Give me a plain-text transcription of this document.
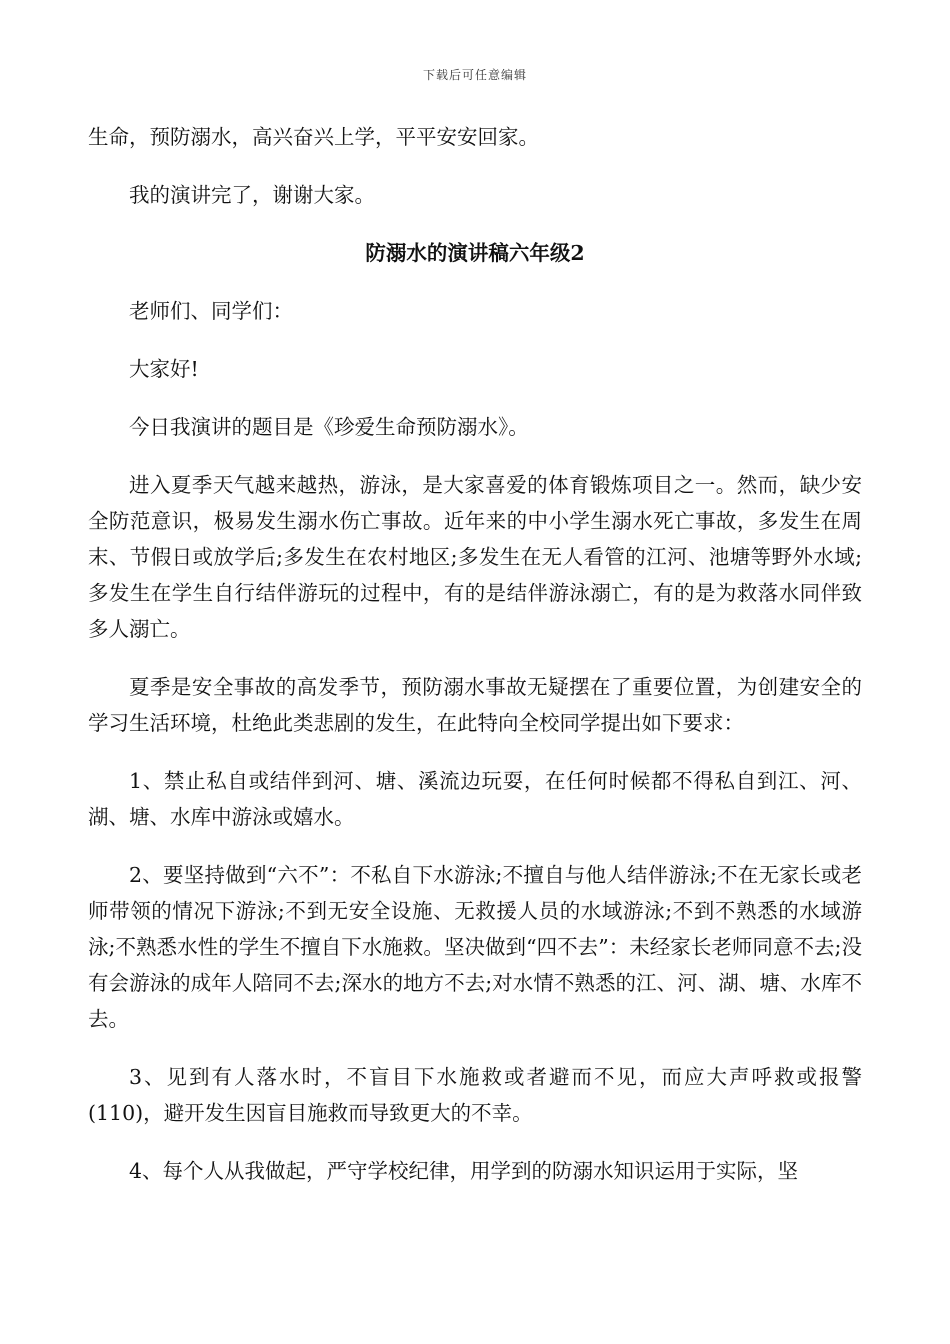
下载后可任意编辑

生命，预防溺水，高兴奋兴上学，平平安安回家。

我的演讲完了，谢谢大家。

防溺水的演讲稿六年级2

老师们、同学们：

大家好!

今日我演讲的题目是《珍爱生命预防溺水》。

进入夏季天气越来越热，游泳，是大家喜爱的体育锻炼项目之一。然而，缺少安全防范意识，极易发生溺水伤亡事故。近年来的中小学生溺水死亡事故，多发生在周末、节假日或放学后;多发生在农村地区;多发生在无人看管的江河、池塘等野外水域;多发生在学生自行结伴游玩的过程中，有的是结伴游泳溺亡，有的是为救落水同伴致多人溺亡。

夏季是安全事故的高发季节，预防溺水事故无疑摆在了重要位置，为创建安全的学习生活环境，杜绝此类悲剧的发生，在此特向全校同学提出如下要求：

1、禁止私自或结伴到河、塘、溪流边玩耍，在任何时候都不得私自到江、河、湖、塘、水库中游泳或嬉水。

2、要坚持做到“六不”：不私自下水游泳;不擅自与他人结伴游泳;不在无家长或老师带领的情况下游泳;不到无安全设施、无救援人员的水域游泳;不到不熟悉的水域游泳;不熟悉水性的学生不擅自下水施救。坚决做到“四不去”：未经家长老师同意不去;没有会游泳的成年人陪同不去;深水的地方不去;对水情不熟悉的江、河、湖、塘、水库不去。

3、见到有人落水时，不盲目下水施救或者避而不见，而应大声呼救或报警(110)，避开发生因盲目施救而导致更大的不幸。

4、每个人从我做起，严守学校纪律，用学到的防溺水知识运用于实际，坚
